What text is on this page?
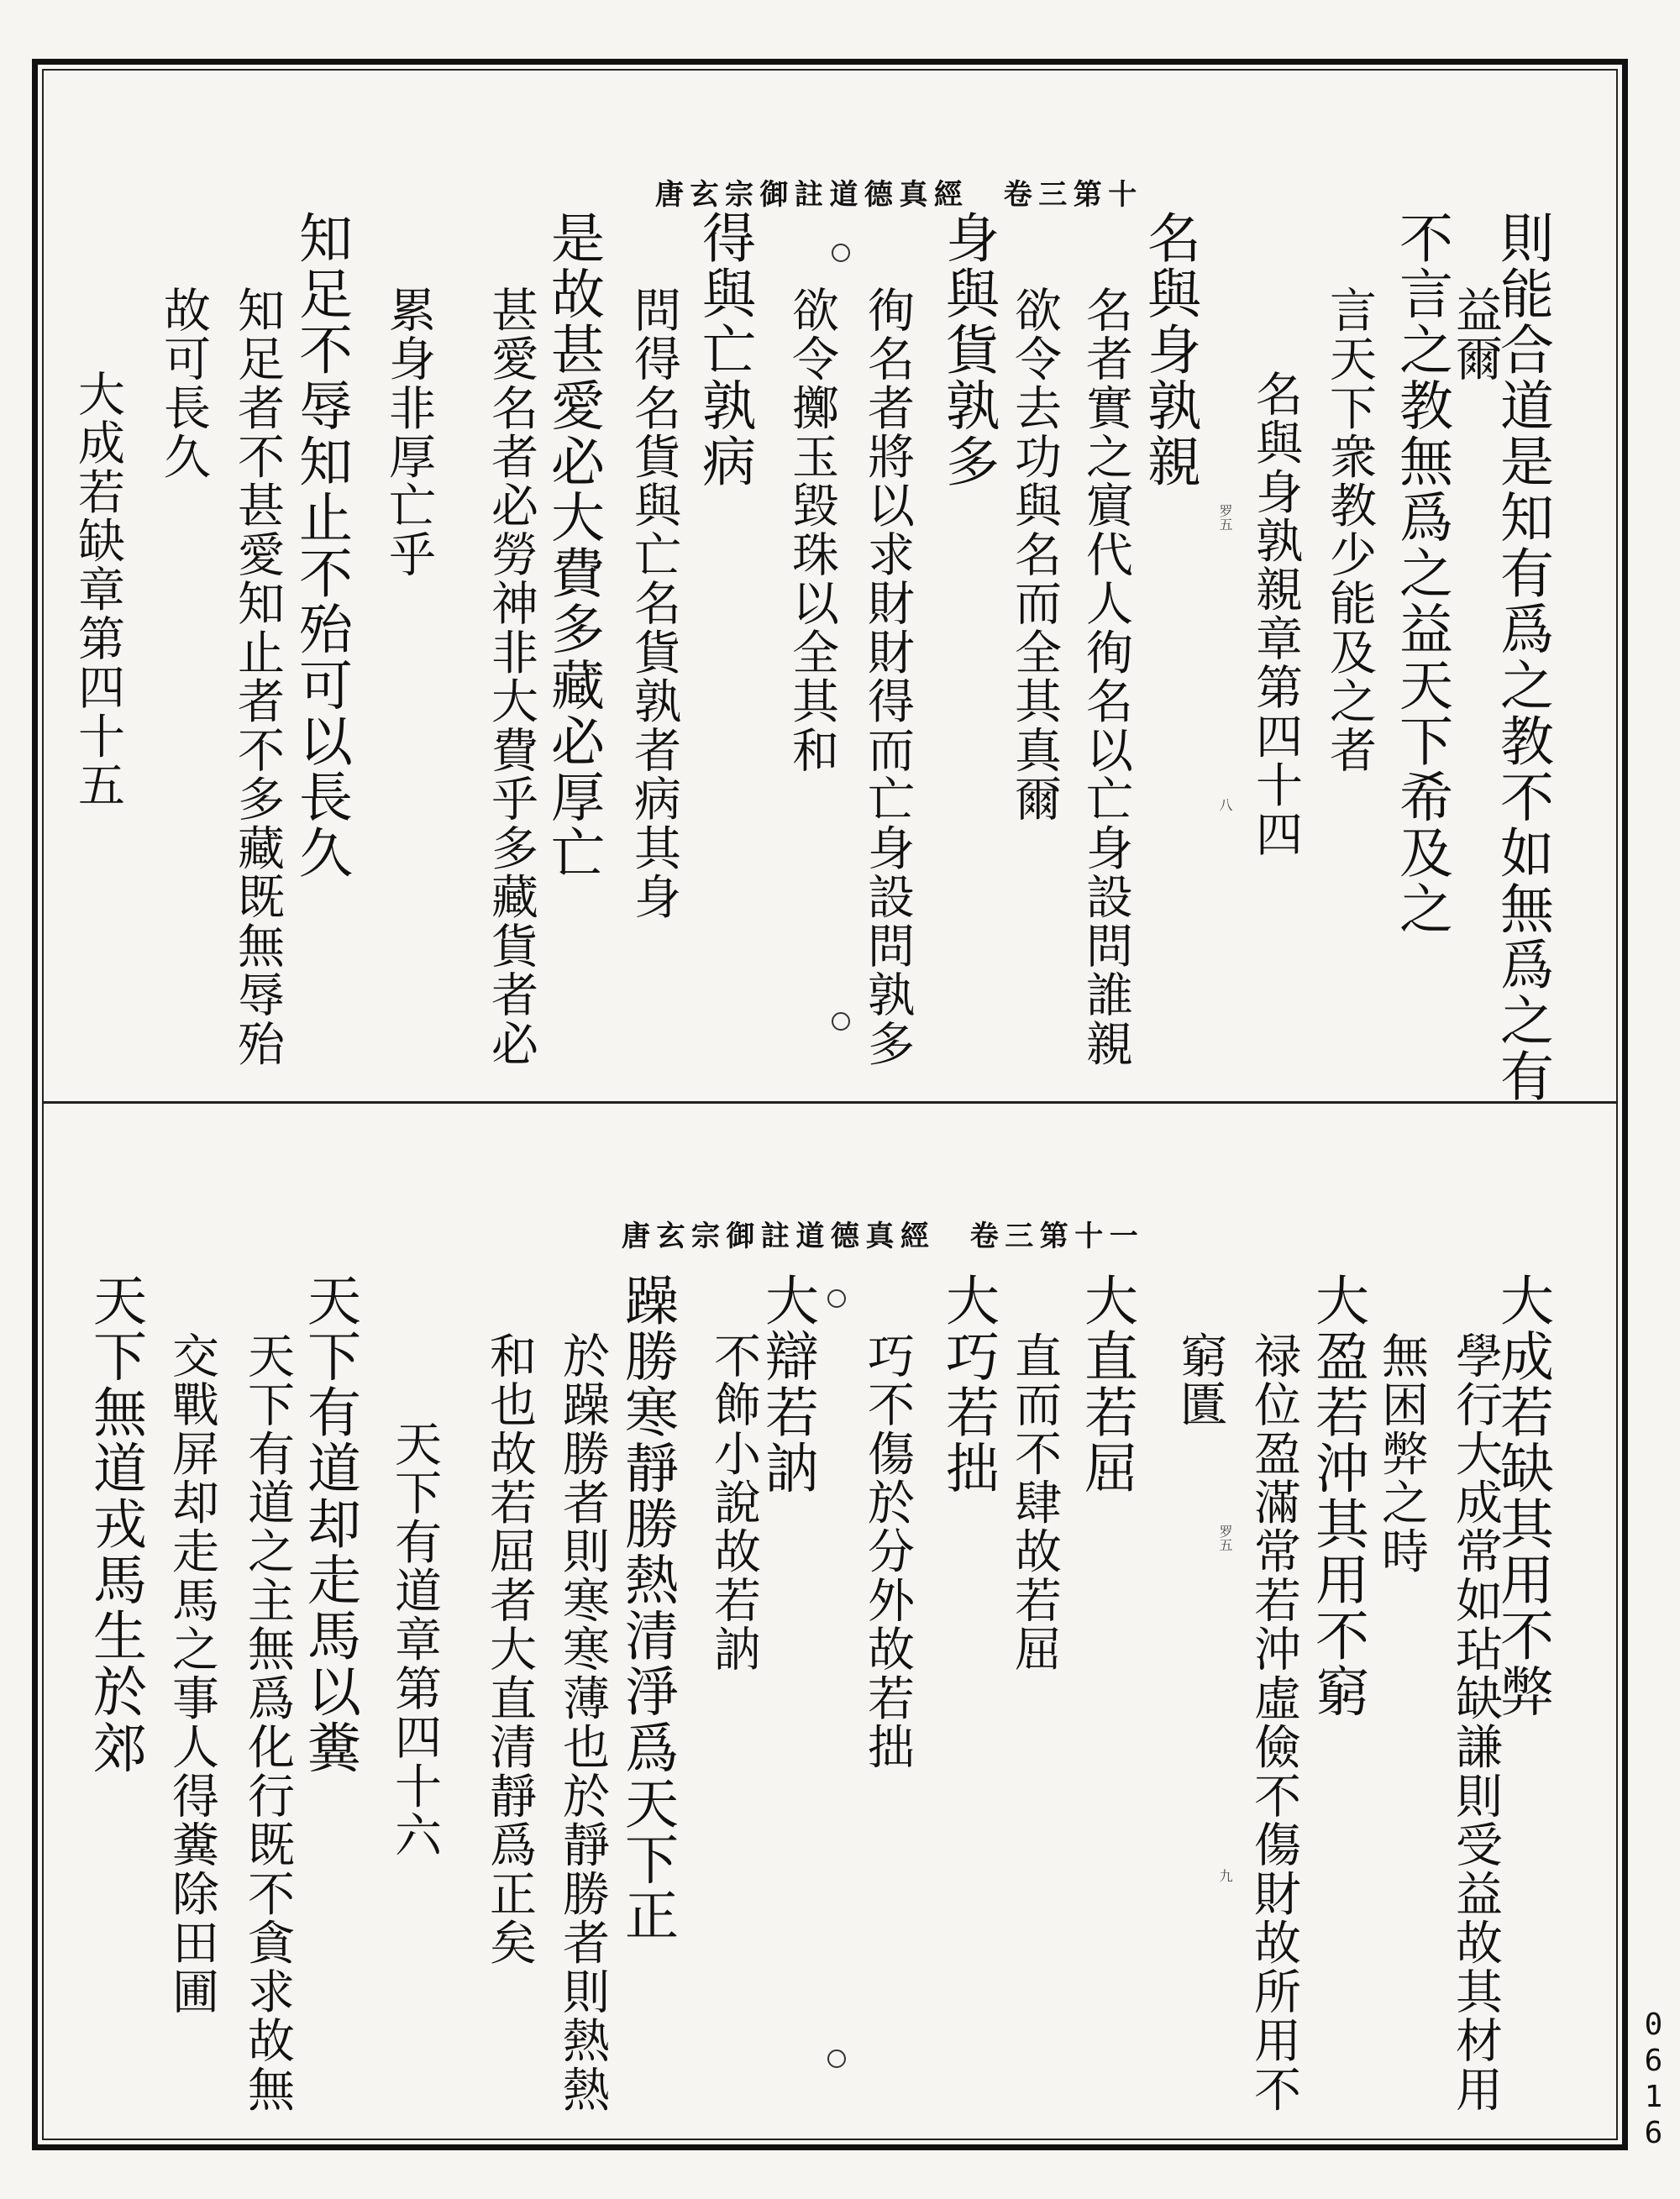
唐玄宗御註道德真經　卷三第十
則能合道是知有爲之教不如無爲之有
益爾
不言之教無爲之益天下希及之
言天下衆教少能及之者
名與身孰親章第四十四
名與身孰親
名者實之賔代人徇名以亡身設問誰親
欲令去功與名而全其真爾
身與貨孰多
徇名者將以求財財得而亡身設問孰多
欲令擲玉毀珠以全其和
得與亡孰病
問得名貨與亡名貨孰者病其身
是故甚愛必大費多藏必厚亡
甚愛名者必勞神非大費乎多藏貨者必
累身非厚亡乎
知足不辱知止不殆可以長久
知足者不甚愛知止者不多藏既無辱殆
故可長久
大成若缺章第四十五	罗五
八
唐玄宗御註道德真經　卷三第十一
大成若缺其用不弊
學行大成常如玷缺謙則受益故其材用
無困弊之時
大盈若沖其用不窮
禄位盈滿常若沖虛儉不傷財故所用不
窮匱
大直若屈
直而不肆故若屈
大巧若拙
巧不傷於分外故若拙
大辯若訥
不飾小說故若訥
躁勝寒靜勝熱清淨爲天下正
於躁勝者則寒寒薄也於靜勝者則熱熱
和也故若屈者大直清靜爲正矣
天下有道章第四十六
天下有道却走馬以糞
天下有道之主無爲化行既不貪求故無
交戰屏却走馬之事人得糞除田圃
天下無道戎馬生於郊	罗五
九
0616
